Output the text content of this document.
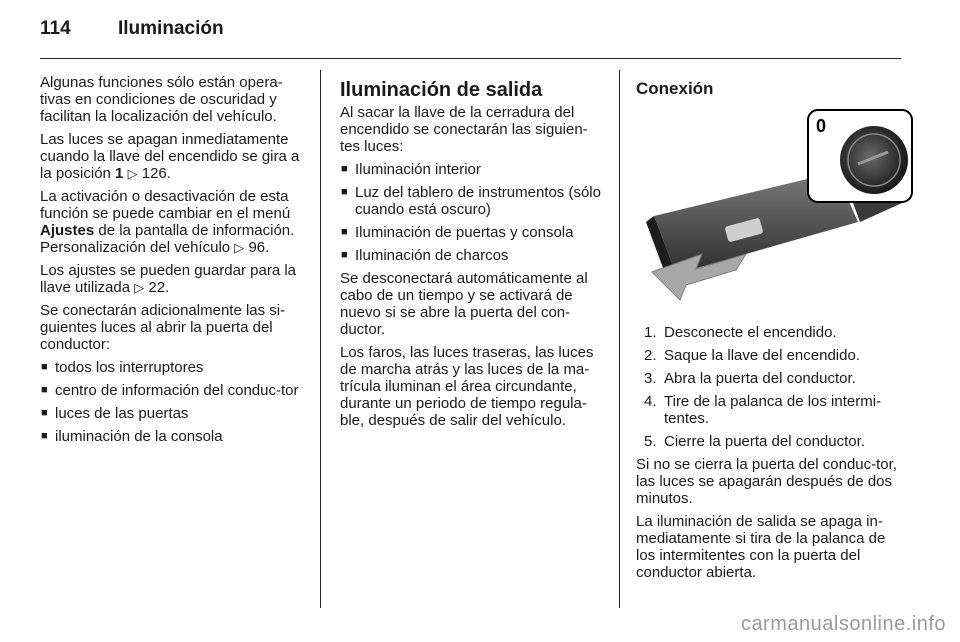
114	Iluminación

Algunas funciones sólo están opera-tivas en condiciones de oscuridad y facilitan la localización del vehículo.

Las luces se apagan inmediatamente cuando la llave del encendido se gira a la posición 1 ▷ 126.

La activación o desactivación de esta función se puede cambiar en el menú Ajustes de la pantalla de información. Personalización del vehículo ▷ 96.

Los ajustes se pueden guardar para la llave utilizada ▷ 22.

Se conectarán adicionalmente las si-guientes luces al abrir la puerta del conductor:

■ todos los interruptores
■ centro de información del conduc-tor
■ luces de las puertas
■ iluminación de la consola
Iluminación de salida

Al sacar la llave de la cerradura del encendido se conectarán las siguien-tes luces:

■ Iluminación interior
■ Luz del tablero de instrumentos (sólo cuando está oscuro)
■ Iluminación de puertas y consola
■ Iluminación de charcos

Se desconectará automáticamente al cabo de un tiempo y se activará de nuevo si se abre la puerta del con-ductor.

Los faros, las luces traseras, las luces de marcha atrás y las luces de la ma-trícula iluminan el área circundante, durante un periodo de tiempo regula-ble, después de salir del vehículo.

Conexión
0
1. Desconecte el encendido.
2. Saque la llave del encendido.
3. Abra la puerta del conductor.
4. Tire de la palanca de los intermi-tentes.
5. Cierre la puerta del conductor.

Si no se cierra la puerta del conduc-tor, las luces se apagarán después de dos minutos.

La iluminación de salida se apaga in-mediatamente si tira de la palanca de los intermitentes con la puerta del conductor abierta.

carmanualsonline.info
